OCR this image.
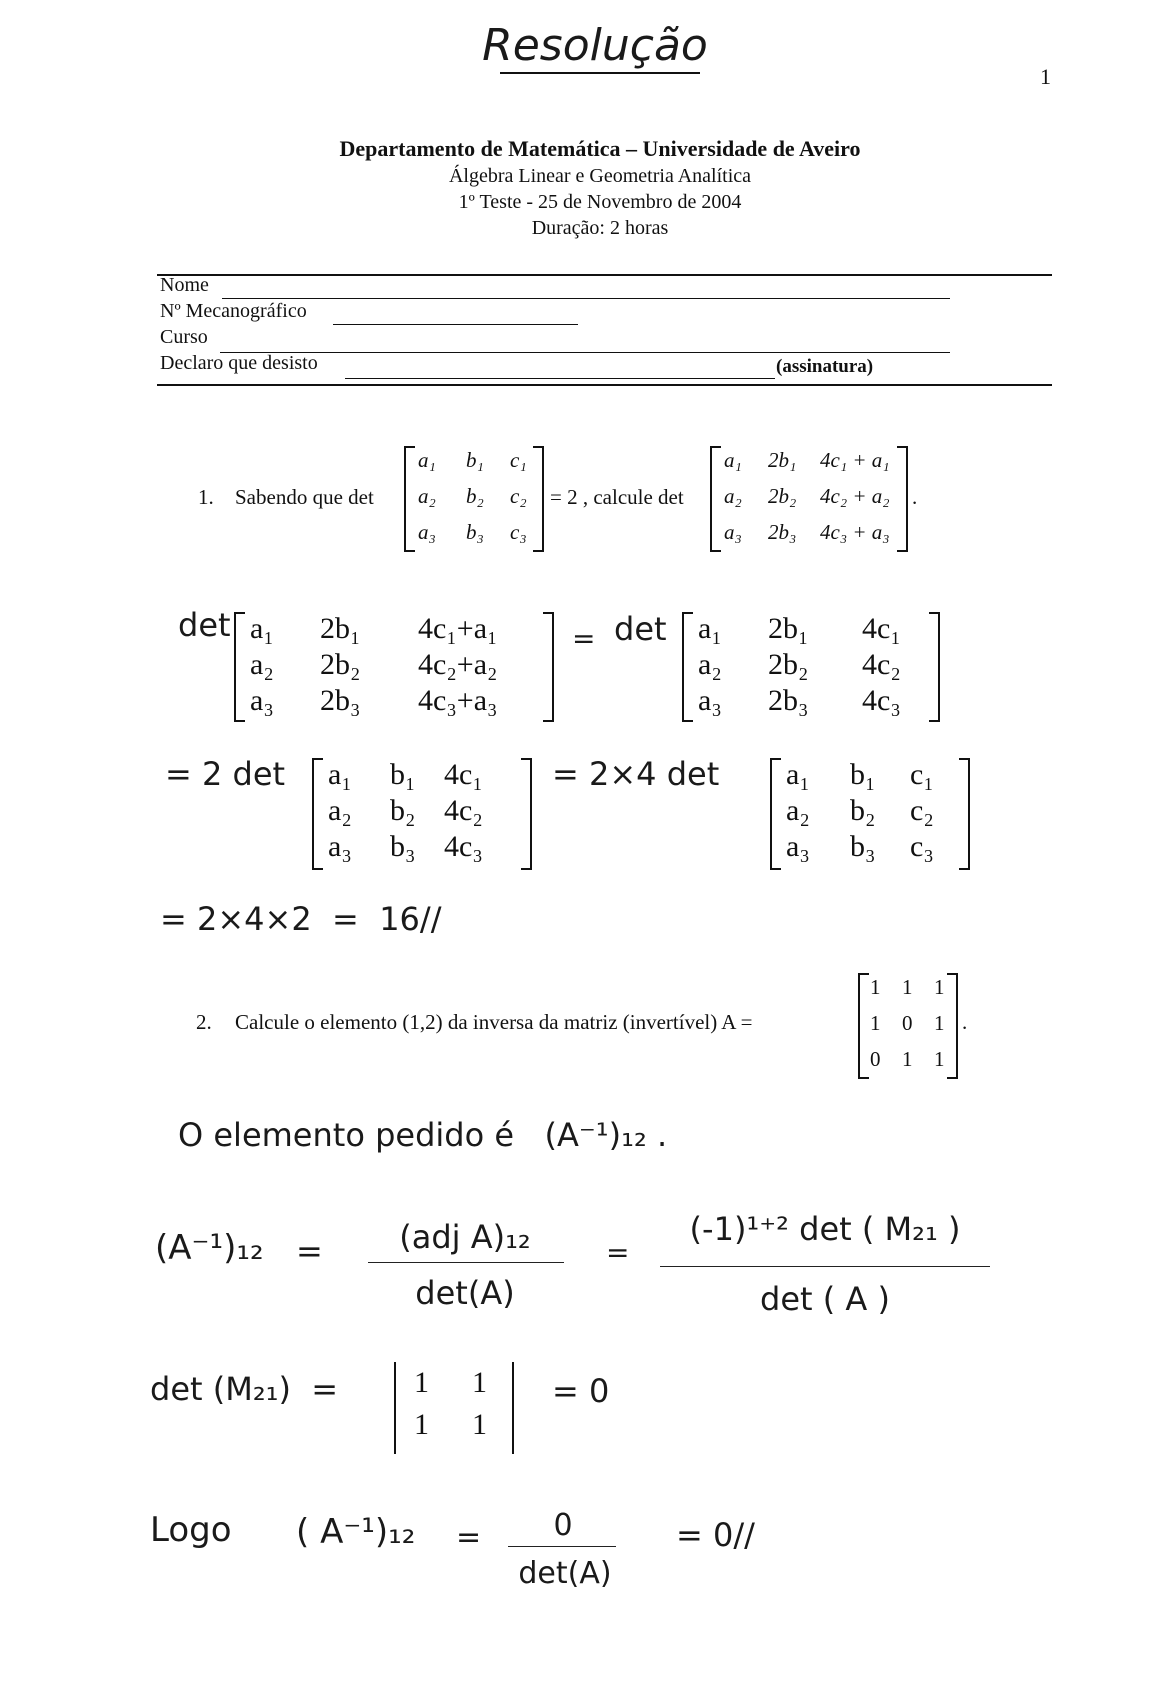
Resolução
1
Departamento de Matemática – Universidade de Aveiro
Álgebra Linear e Geometria Analítica
1º Teste - 25 de Novembro de 2004
Duração: 2 horas
Nome
Nº Mecanográfico
Curso
Declaro que desisto	(assinatura)
1. Sabendo que det
a₁ b₁ c₁
a₂ b₂ c₂
a₃ b₃ c₃
= 2 , calcule det
a₁ 2b₁ 4c₁ + a₁
a₂ 2b₂ 4c₂ + a₂
a₃ 2b₃ 4c₃ + a₃
.
det a₁ 2b₁ 4c₁+a₁
a₂ 2b₂ 4c₂+a₂
a₃ 2b₃ 4c₃+a₃
= det a₁ 2b₁ 4c₁
a₂ 2b₂ 4c₂
a₃ 2b₃ 4c₃
= 2 det a₁ b₁ 4c₁
a₂ b₂ 4c₂
a₃ b₃ 4c₃
= 2×4 det a₁ b₁ c₁
a₂ b₂ c₂
a₃ b₃ c₃
= 2×4×2  =  16//
2. Calcule o elemento (1,2) da inversa da matriz (invertível) A =
1 1 1
1 0 1
0 1 1
.
O elemento pedido é   (A⁻¹)₁₂ .
(A⁻¹)₁₂ =	(adj A)₁₂
det(A)
=
(-1)¹⁺² det ( M₂₁ )
det ( A )
det (M₂₁)  =	1 1
1 1
= 0
Logo ( A⁻¹)₁₂ =	0
det(A)
= 0//
